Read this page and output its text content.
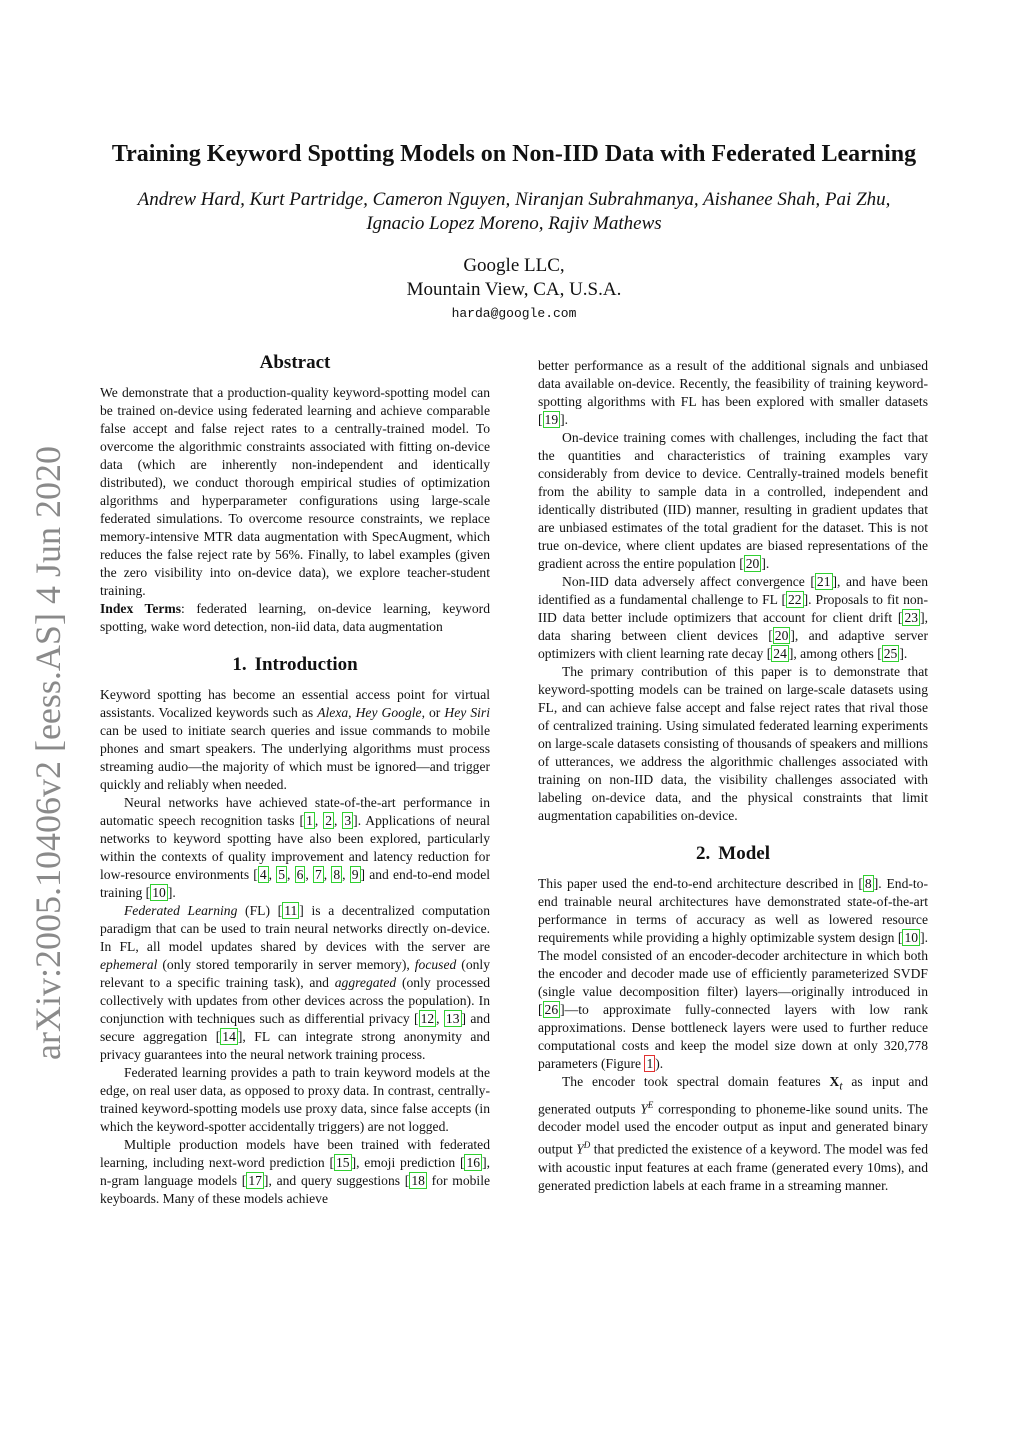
arXiv:2005.10406v2 [eess.AS] 4 Jun 2020
Training Keyword Spotting Models on Non-IID Data with Federated Learning
Andrew Hard, Kurt Partridge, Cameron Nguyen, Niranjan Subrahmanya, Aishanee Shah, Pai Zhu,
Ignacio Lopez Moreno, Rajiv Mathews
Google LLC,
Mountain View, CA, U.S.A.
harda@google.com
Abstract

We demonstrate that a production-quality keyword-spotting model can be trained on-device using federated learning and achieve comparable false accept and false reject rates to a centrally-trained model. To overcome the algorithmic constraints associated with fitting on-device data (which are inherently non-independent and identically distributed), we conduct thorough empirical studies of optimization algorithms and hyperparameter configurations using large-scale federated simulations. To overcome resource constraints, we replace memory-intensive MTR data augmentation with SpecAugment, which reduces the false reject rate by 56%. Finally, to label examples (given the zero visibility into on-device data), we explore teacher-student training.

Index Terms: federated learning, on-device learning, keyword spotting, wake word detection, non-iid data, data augmentation

1. Introduction

Keyword spotting has become an essential access point for virtual assistants. Vocalized keywords such as Alexa, Hey Google, or Hey Siri can be used to initiate search queries and issue commands to mobile phones and smart speakers. The underlying algorithms must process streaming audio—the majority of which must be ignored—and trigger quickly and reliably when needed.

Neural networks have achieved state-of-the-art performance in automatic speech recognition tasks [ 1 , 2 , 3 ]. Applications of neural networks to keyword spotting have also been explored, particularly within the contexts of quality improvement and latency reduction for low-resource environments [ 4 , 5 , 6 , 7 , 8 , 9 ] and end-to-end model training [ 10 ].

Federated Learning (FL) [ 11 ] is a decentralized computation paradigm that can be used to train neural networks directly on-device. In FL, all model updates shared by devices with the server are ephemeral (only stored temporarily in server memory), focused (only relevant to a specific training task), and aggregated (only processed collectively with updates from other devices across the population). In conjunction with techniques such as differential privacy [ 12 , 13 ] and secure aggregation [ 14 ], FL can integrate strong anonymity and privacy guarantees into the neural network training process.

Federated learning provides a path to train keyword models at the edge, on real user data, as opposed to proxy data. In contrast, centrally-trained keyword-spotting models use proxy data, since false accepts (in which the keyword-spotter accidentally triggers) are not logged.

Multiple production models have been trained with federated learning, including next-word prediction [ 15 ], emoji prediction [ 16 ], n-gram language models [ 17 ], and query suggestions [ 18 for mobile keyboards. Many of these models achieve

better performance as a result of the additional signals and unbiased data available on-device. Recently, the feasibility of training keyword-spotting algorithms with FL has been explored with smaller datasets [ 19 ].

On-device training comes with challenges, including the fact that the quantities and characteristics of training examples vary considerably from device to device. Centrally-trained models benefit from the ability to sample data in a controlled, independent and identically distributed (IID) manner, resulting in gradient updates that are unbiased estimates of the total gradient for the dataset. This is not true on-device, where client updates are biased representations of the gradient across the entire population [ 20 ].

Non-IID data adversely affect convergence [ 21 ], and have been identified as a fundamental challenge to FL [ 22 ]. Proposals to fit non-IID data better include optimizers that account for client drift [ 23 ], data sharing between client devices [ 20 ], and adaptive server optimizers with client learning rate decay [ 24 ], among others [ 25 ].

The primary contribution of this paper is to demonstrate that keyword-spotting models can be trained on large-scale datasets using FL, and can achieve false accept and false reject rates that rival those of centralized training. Using simulated federated learning experiments on large-scale datasets consisting of thousands of speakers and millions of utterances, we address the algorithmic challenges associated with training on non-IID data, the visibility challenges associated with labeling on-device data, and the physical constraints that limit augmentation capabilities on-device.

2. Model

This paper used the end-to-end architecture described in [ 8 ]. End-to-end trainable neural architectures have demonstrated state-of-the-art performance in terms of accuracy as well as lowered resource requirements while providing a highly optimizable system design [ 10 ]. The model consisted of an encoder-decoder architecture in which both the encoder and decoder made use of efficiently parameterized SVDF (single value decomposition filter) layers—originally introduced in [ 26 ]—to approximate fully-connected layers with low rank approximations. Dense bottleneck layers were used to further reduce computational costs and keep the model size down at only 320,778 parameters (Figure 1 ).

The encoder took spectral domain features $X_t$ as input and generated outputs $Y^E$ corresponding to phoneme-like sound units. The decoder model used the encoder output as input and generated binary output $Y^D$ that predicted the existence of a keyword. The model was fed with acoustic input features at each frame (generated every 10ms), and generated prediction labels at each frame in a streaming manner.
